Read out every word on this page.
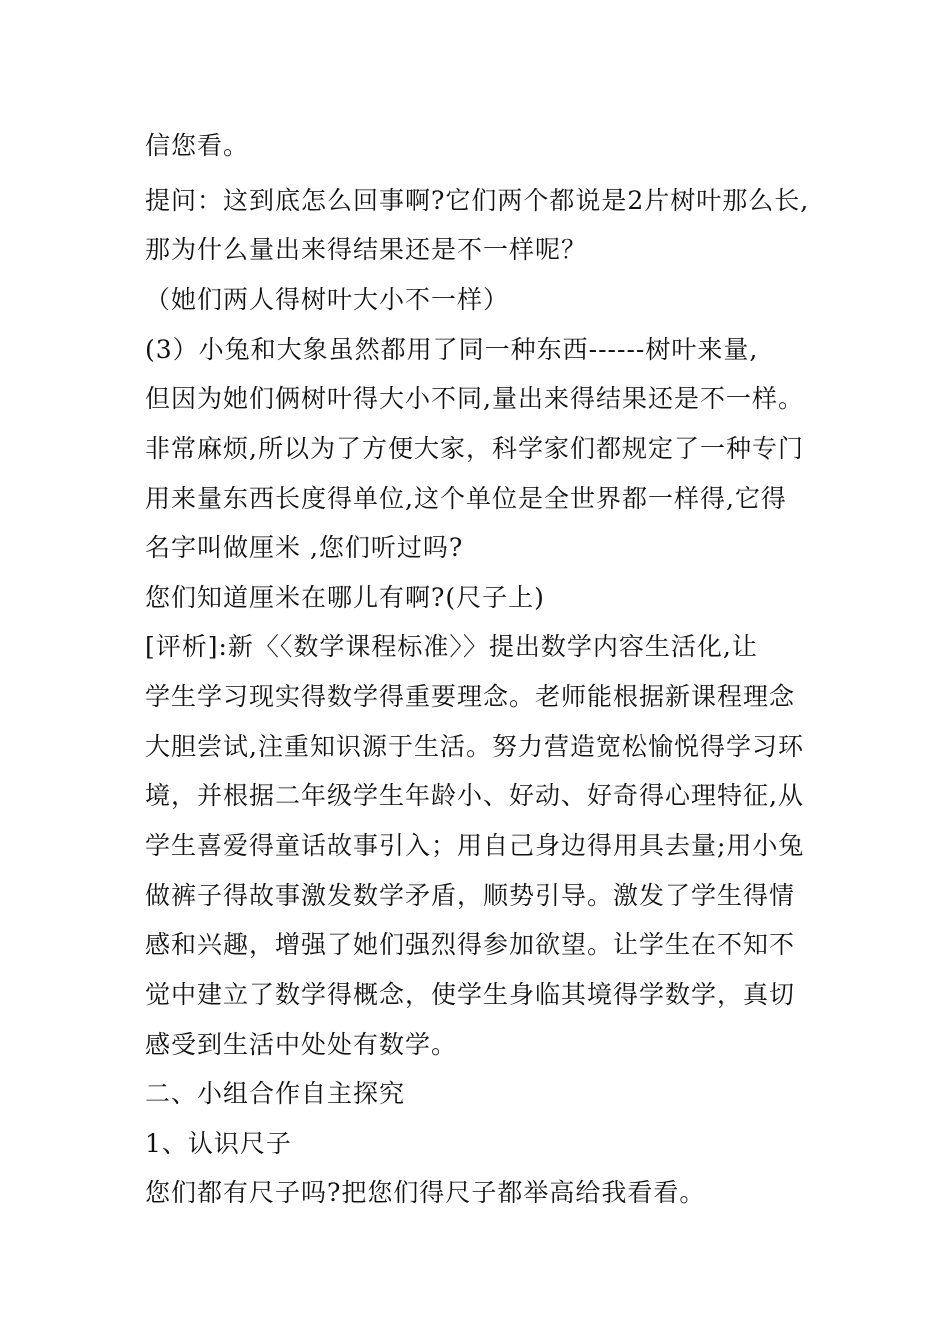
信您看。
提问：这到底怎么回事啊?它们两个都说是2片树叶那么长,
那为什么量出来得结果还是不一样呢？
（她们两人得树叶大小不一样）
(3）小兔和大象虽然都用了同一种东西------树叶来量,
但因为她们俩树叶得大小不同,量出来得结果还是不一样。
非常麻烦,所以为了方便大家，科学家们都规定了一种专门
用来量东西长度得单位,这个单位是全世界都一样得,它得
名字叫做厘米 ,您们听过吗?
您们知道厘米在哪儿有啊?(尺子上)
[评析]:新〈〈数学课程标准〉〉提出数学内容生活化,让
学生学习现实得数学得重要理念。老师能根据新课程理念
大胆尝试,注重知识源于生活。努力营造宽松愉悦得学习环
境，并根据二年级学生年龄小、好动、好奇得心理特征,从
学生喜爱得童话故事引入；用自己身边得用具去量;用小兔
做裤子得故事激发数学矛盾，顺势引导。激发了学生得情
感和兴趣，增强了她们强烈得参加欲望。让学生在不知不
觉中建立了数学得概念，使学生身临其境得学数学，真切
感受到生活中处处有数学。
二、小组合作自主探究
1、认识尺子
您们都有尺子吗?把您们得尺子都举高给我看看。
